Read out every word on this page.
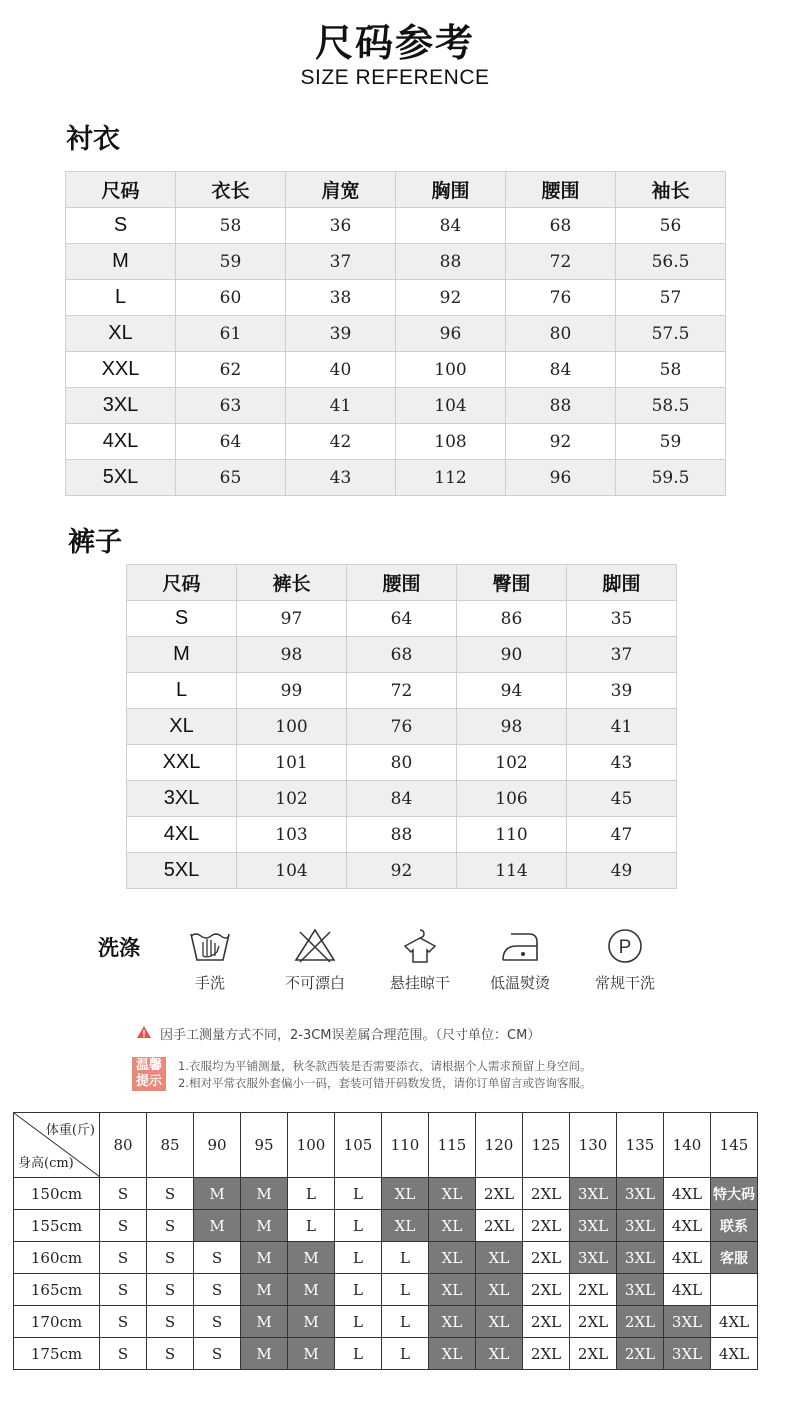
尺码参考
SIZE REFERENCE
衬衣
尺码	衣长	肩宽	胸围	腰围	袖长
S	58	36	84	68	56
M	59	37	88	72	56.5
L	60	38	92	76	57
XL	61	39	96	80	57.5
XXL	62	40	100	84	58
3XL	63	41	104	88	58.5
4XL	64	42	108	92	59
5XL	65	43	112	96	59.5
裤子
尺码	裤长	腰围	臀围	脚围
S	97	64	86	35
M	98	68	90	37
L	99	72	94	39
XL	100	76	98	41
XXL	101	80	102	43
3XL	102	84	106	45
4XL	103	88	110	47
5XL	104	92	114	49
洗涤
手洗	不可漂白	悬挂晾干	低温熨烫
P
常规干洗
因手工测量方式不同，2-3CM误差属合理范围。（尺寸单位：CM）
温馨
提示
1.衣服均为平铺测量，秋冬款西装是否需要添衣，请根据个人需求预留上身空间。
2.相对平常衣服外套偏小一码，套装可错开码数发货，请你订单留言或咨询客服。
体重(斤)
身高(cm)	80	85	90	95	100	105	110	115	120	125	130	135	140	145
150cm	S	S	M	M	L	L	XL	XL	2XL	2XL	3XL	3XL	4XL	特大码
155cm	S	S	M	M	L	L	XL	XL	2XL	2XL	3XL	3XL	4XL	联系
160cm	S	S	S	M	M	L	L	XL	XL	2XL	3XL	3XL	4XL	客服
165cm	S	S	S	M	M	L	L	XL	XL	2XL	2XL	3XL	4XL	
170cm	S	S	S	M	M	L	L	XL	XL	2XL	2XL	2XL	3XL	4XL
175cm	S	S	S	M	M	L	L	XL	XL	2XL	2XL	2XL	3XL	4XL
